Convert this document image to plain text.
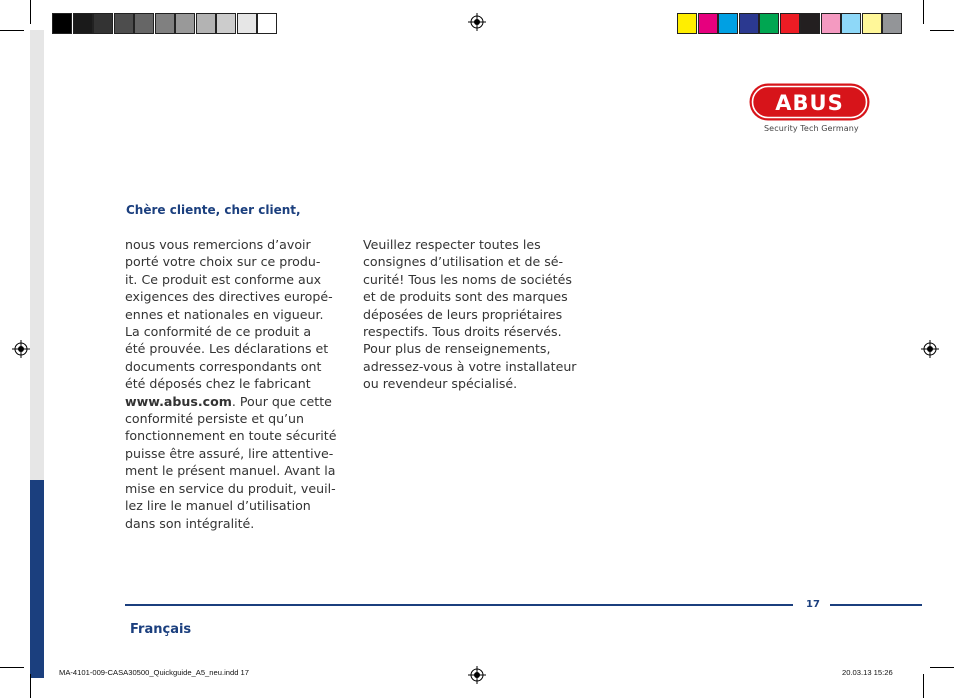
ABUS
Security Tech Germany
Chère cliente, cher client,
nous vous remercions d’avoir
porté votre choix sur ce produ-
it. Ce produit est conforme aux
exigences des directives europé-
ennes et nationales en vigueur.
La conformité de ce produit a
été prouvée. Les déclarations et
documents correspondants ont
été déposés chez le fabricant
www.abus.com. Pour que cette
conformité persiste et qu’un
fonctionnement en toute sécurité
puisse être assuré, lire attentive-
ment le présent manuel. Avant la
mise en service du produit, veuil-
lez lire le manuel d’utilisation
dans son intégralité.
Veuillez respecter toutes les
consignes d’utilisation et de sé-
curité! Tous les noms de sociétés
et de produits sont des marques
déposées de leurs propriétaires
respectifs. Tous droits réservés.
Pour plus de renseignements,
adressez-vous à votre installateur
ou revendeur spécialisé.
17
Français
MA-4101-009-CASA30500_Quickguide_A5_neu.indd 17	20.03.13 15:26
